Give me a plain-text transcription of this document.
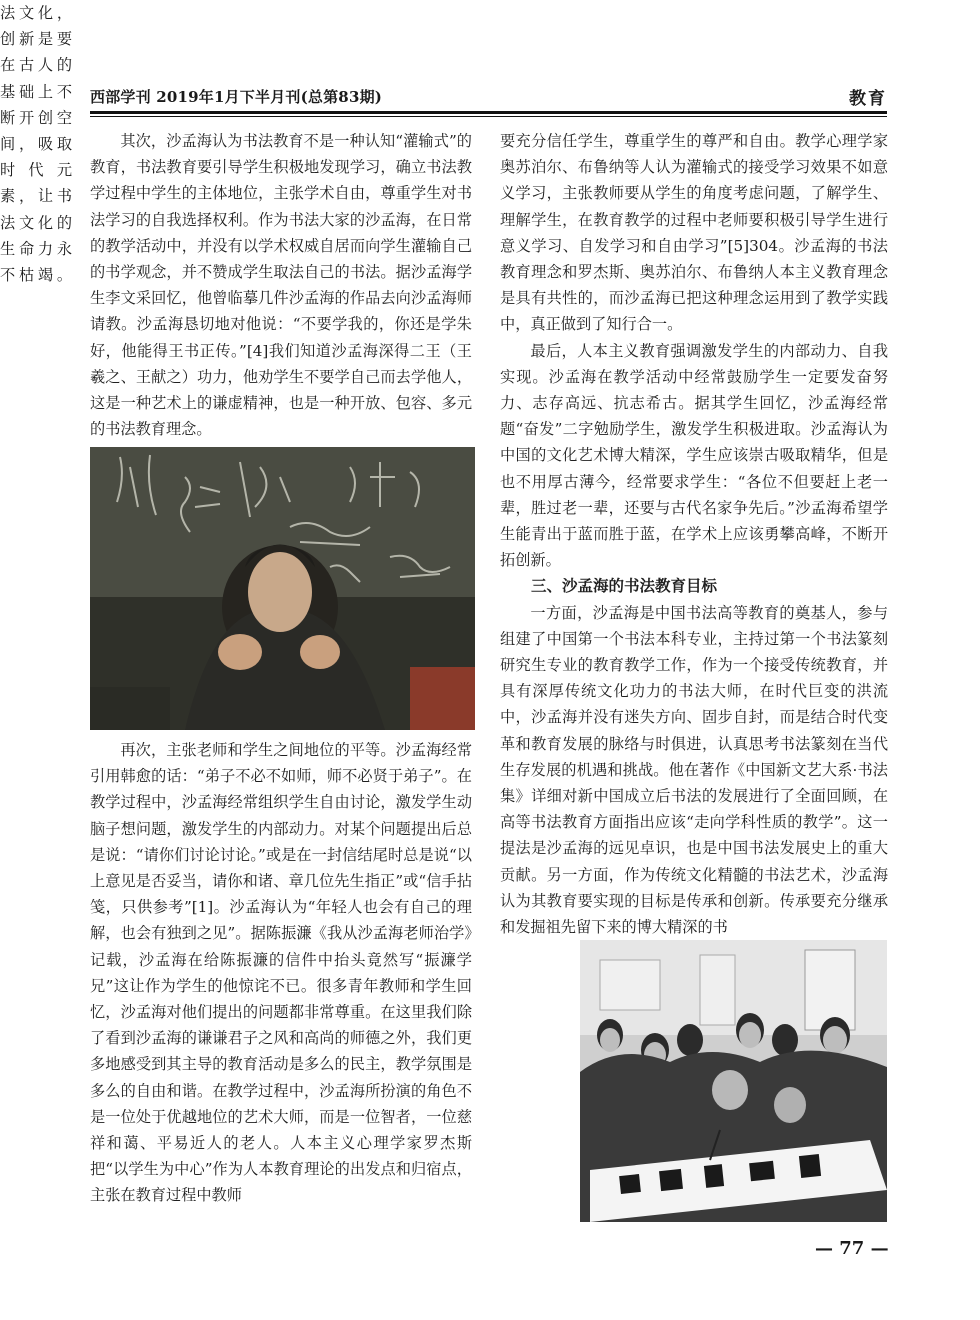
西部学刊 2019年1月下半月刊(总第83期)	教育

其次，沙孟海认为书法教育不是一种认知“灌输式”的教育，书法教育要引导学生积极地发现学习，确立书法教学过程中学生的主体地位，主张学术自由，尊重学生对书法学习的自我选择权利。作为书法大家的沙孟海，在日常的教学活动中，并没有以学术权威自居而向学生灌输自己的书学观念，并不赞成学生取法自己的书法。据沙孟海学生李文采回忆，他曾临摹几件沙孟海的作品去向沙孟海师请教。沙孟海恳切地对他说：“不要学我的，你还是学朱好，他能得王书正传。”[4]我们知道沙孟海深得二王（王羲之、王献之）功力，他劝学生不要学自己而去学他人，这是一种艺术上的谦虚精神，也是一种开放、包容、多元的书法教育理念。

再次，主张老师和学生之间地位的平等。沙孟海经常引用韩愈的话：“弟子不必不如师，师不必贤于弟子”。在教学过程中，沙孟海经常组织学生自由讨论，激发学生动脑子想问题，激发学生的内部动力。对某个问题提出后总是说：“请你们讨论讨论。”或是在一封信结尾时总是说“以上意见是否妥当，请你和诸、章几位先生指正”或“信手拈笺，只供参考”[1]。沙孟海认为“年轻人也会有自己的理解，也会有独到之见”。据陈振濂《我从沙孟海老师治学》记载，沙孟海在给陈振濂的信件中抬头竟然写“振濂学兄”这让作为学生的他惊诧不已。很多青年教师和学生回忆，沙孟海对他们提出的问题都非常尊重。在这里我们除了看到沙孟海的谦谦君子之风和高尚的师德之外，我们更多地感受到其主导的教育活动是多么的民主，教学氛围是多么的自由和谐。在教学过程中，沙孟海所扮演的角色不是一位处于优越地位的艺术大师，而是一位智者，一位慈祥和蔼、平易近人的老人。人本主义心理学家罗杰斯把“以学生为中心”作为人本教育理论的出发点和归宿点，主张在教育过程中教师

要充分信任学生，尊重学生的尊严和自由。教学心理学家奥苏泊尔、布鲁纳等人认为灌输式的接受学习效果不如意义学习，主张教师要从学生的角度考虑问题，了解学生、理解学生，在教育教学的过程中老师要积极引导学生进行意义学习、自发学习和自由学习”[5]304。沙孟海的书法教育理念和罗杰斯、奥苏泊尔、布鲁纳人本主义教育理念是具有共性的，而沙孟海已把这种理念运用到了教学实践中，真正做到了知行合一。

最后，人本主义教育强调激发学生的内部动力、自我实现。沙孟海在教学活动中经常鼓励学生一定要发奋努力、志存高远、抗志希古。据其学生回忆，沙孟海经常题“奋发”二字勉励学生，激发学生积极进取。沙孟海认为中国的文化艺术博大精深，学生应该崇古吸取精华，但是也不用厚古薄今，经常要求学生：“各位不但要赶上老一辈，胜过老一辈，还要与古代名家争先后。”沙孟海希望学生能青出于蓝而胜于蓝，在学术上应该勇攀高峰，不断开拓创新。

三、沙孟海的书法教育目标

一方面，沙孟海是中国书法高等教育的奠基人，参与组建了中国第一个书法本科专业，主持过第一个书法篆刻研究生专业的教育教学工作，作为一个接受传统教育，并具有深厚传统文化功力的书法大师，在时代巨变的洪流中，沙孟海并没有迷失方向、固步自封，而是结合时代变革和教育发展的脉络与时俱进，认真思考书法篆刻在当代生存发展的机遇和挑战。他在著作《中国新文艺大系·书法集》详细对新中国成立后书法的发展进行了全面回顾，在高等书法教育方面指出应该“走向学科性质的教学”。这一提法是沙孟海的远见卓识，也是中国书法发展史上的重大贡献。另一方面，作为传统文化精髓的书法艺术，沙孟海认为其教育要实现的目标是传承和创新。传承要充分继承和发掘祖先留下来的博大精深的书

法文化，
创新是要
在古人的
基础上不
断开创空
间，吸取
时代元
素，让书
法文化的
生命力永
不枯竭。
— 77 —
